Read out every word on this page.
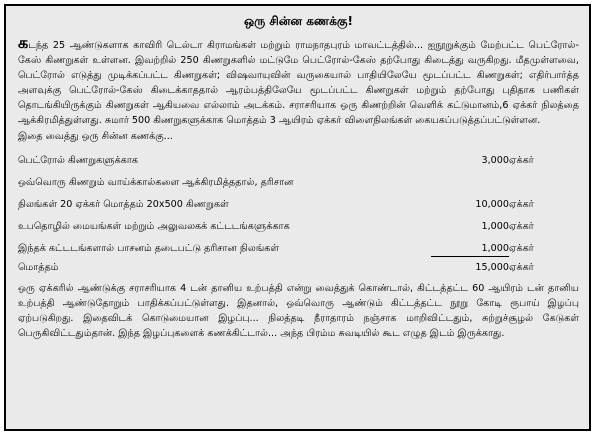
ஒரு சின்ன கணக்கு!

கடந்த 25 ஆண்டுகளாக காவிரி டெல்டா கிராமங்கள் மற்றும் ராமநாதபுரம் மாவட்டத்தில்... ஐநூறுக்கும் மேற்பட்ட பெட்ரோல்-கேஸ் கிணறுகள் உள்ளன. இவற்றில் 250 கிணறுகளில் மட்டுமே பெட்ரோல்-கேஸ் தற்போது கிடைத்து வருகிறது. மீதமுள்ளவை, பெட்ரோல் எடுத்து முடிக்கப்பட்ட கிணறுகள்; விஷவாயுவின் வருகையால் பாதியிலேயே மூடப்பட்ட கிணறுகள்; எதிர்பார்த்த அளவுக்கு பெட்ரோல்-கேஸ் கிடைக்காததால் ஆரம்பத்திலேயே மூடப்பட்ட கிணறுகள் மற்றும் தற்போது புதிதாக பணிகள் தொடங்கியிருக்கும் கிணறுகள் ஆகியவை எல்லாம் அடக்கம். சராசரியாக ஒரு கிணற்றின் வெளிக் கட்டுமானம்,6 ஏக்கர் நிலத்தை ஆக்கிரமித்துள்ளது. சுமார் 500 கிணறுகளுக்காக மொத்தம் 3 ஆயிரம் ஏக்கர் விளைநிலங்கள் கையகப்படுத்தப்பட்டுள்ளன.
இதை வைத்து ஒரு சின்ன கணக்கு...

பெட்ரோல் கிணறுகளுக்காக	3,000	ஏக்கர்
ஒவ்வொரு கிணறும் வாய்க்கால்களை ஆக்கிரமித்ததால், தரிசான		
நிலங்கள் 20 ஏக்கர் மொத்தம் 20x500 கிணறுகள்	10,000	ஏக்கர்
உபதொழில் மையங்கள் மற்றும் அலுவலகக் கட்டடங்களுக்காக	1,000	ஏக்கர்
இந்தக் கட்டடங்களால் பாசனம் தடைபட்டு தரிசான நிலங்கள்	1,000	ஏக்கர்
மொத்தம்	15,000	ஏக்கர்

ஒரு ஏக்கரில் ஆண்டுக்கு சராசரியாக 4 டன் தானிய உற்பத்தி என்று வைத்துக் கொண்டால், கிட்டத்தட்ட 60 ஆயிரம் டன் தானிய உற்பத்தி ஆண்டுதோறும் பாதிக்கப்பட்டுள்ளது. இதனால், ஒவ்வொரு ஆண்டும் கிட்டத்தட்ட நூறு கோடி ரூபாய் இழப்பு ஏற்படுகிறது. இதைவிடக் கொடுமையான இழப்பு... நிலத்தடி நீராதாரம் நஞ்சாக மாறிவிட்டதும், சுற்றுச்சூழல் கேடுகள் பெருகிவிட்டதும்தான். இந்த இழப்புகளைக் கணக்கிட்டால்... அந்த பிரம்ம சுவடியில் கூட எழுத இடம் இருக்காது.
